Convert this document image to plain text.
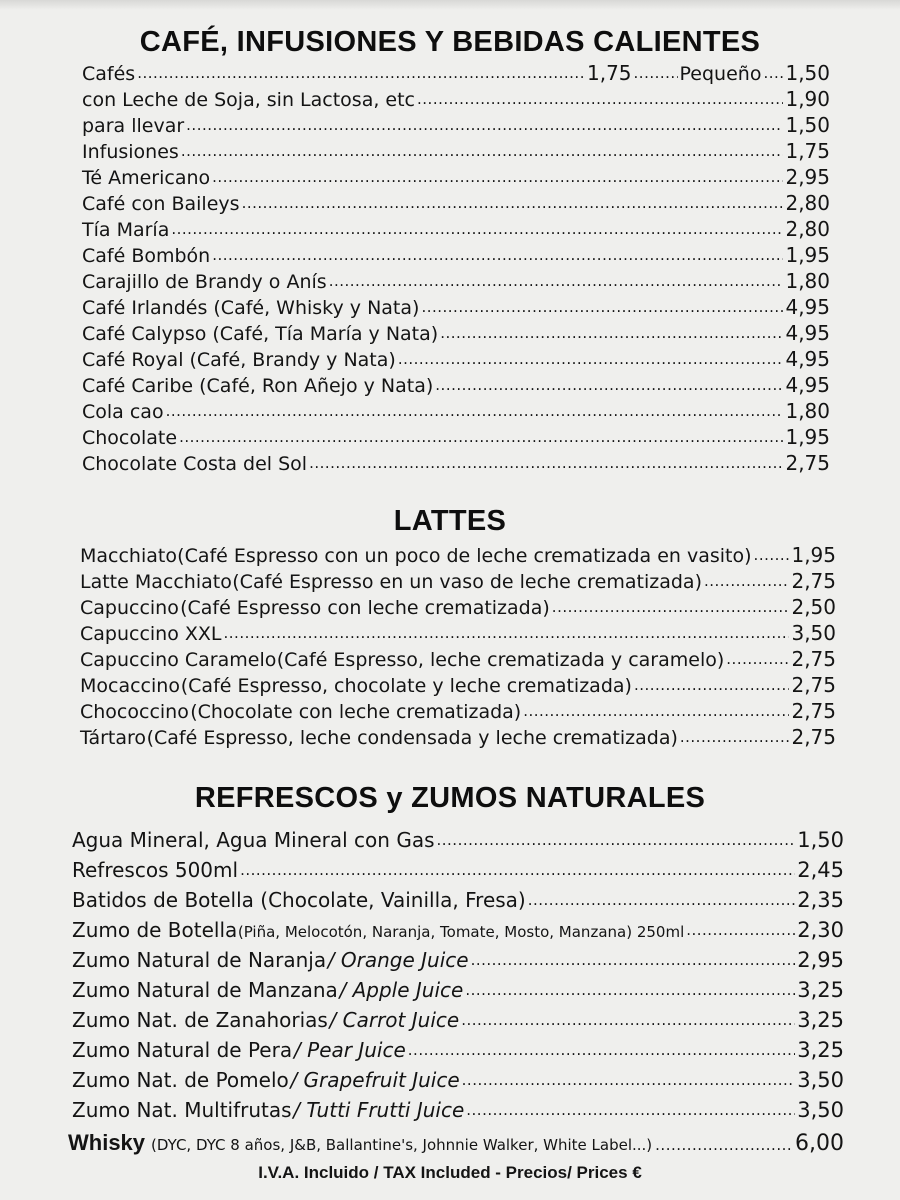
CAFÉ, INFUSIONES Y BEBIDAS CALIENTES
Cafés .....	1,75 .....	Pequeño ..... 1,50
con Leche de Soja, sin Lactosa, etc .....	1,90
para llevar .....	1,50
Infusiones .....	1,75
Té Americano .....	2,95
Café con Baileys .....	2,80
Tía María .....	2,80
Café Bombón .....	1,95
Carajillo de Brandy o Anís .....	1,80
Café Irlandés (Café, Whisky y Nata) .....	4,95
Café Calypso (Café, Tía María y Nata) .....	4,95
Café Royal (Café, Brandy y Nata) .....	4,95
Café Caribe (Café, Ron Añejo y Nata) .....	4,95
Cola cao .....	1,80
Chocolate .....	1,95
Chocolate Costa del Sol .....	2,75
LATTES
Macchiato (Café Espresso con un poco de leche crematizada en vasito) ..... 1,95
Latte Macchiato (Café Espresso en un vaso de leche crematizada) .....	2,75
Capuccino (Café Espresso con leche crematizada) .....	2,50
Capuccino XXL .....	3,50
Capuccino Caramelo (Café Espresso, leche crematizada y caramelo) .....	2,75
Mocaccino (Café Espresso, chocolate y leche crematizada) .....	2,75
Chococcino (Chocolate con leche crematizada) .....	2,75
Tártaro (Café Espresso, leche condensada y leche crematizada) .....	2,75
REFRESCOS y ZUMOS NATURALES
Agua Mineral, Agua Mineral con Gas .....	1,50
Refrescos 500ml .....	2,45
Batidos de Botella (Chocolate, Vainilla, Fresa) .....	2,35
Zumo de Botella (Piña, Melocotón, Naranja, Tomate, Mosto, Manzana) 250ml .....	2,30
Zumo Natural de Naranja / Orange Juice .....	2,95
Zumo Natural de Manzana / Apple Juice .....	3,25
Zumo Nat. de Zanahorias / Carrot Juice .....	3,25
Zumo Natural de Pera / Pear Juice .....	3,25
Zumo Nat. de Pomelo / Grapefruit Juice .....	3,50
Zumo Nat. Multifrutas / Tutti Frutti Juice .....	3,50
Whisky (DYC, DYC 8 años, J&B, Ballantine's, Johnnie Walker, White Label...) .....	6,00
I.V.A. Incluido / TAX Included - Precios/ Prices €
